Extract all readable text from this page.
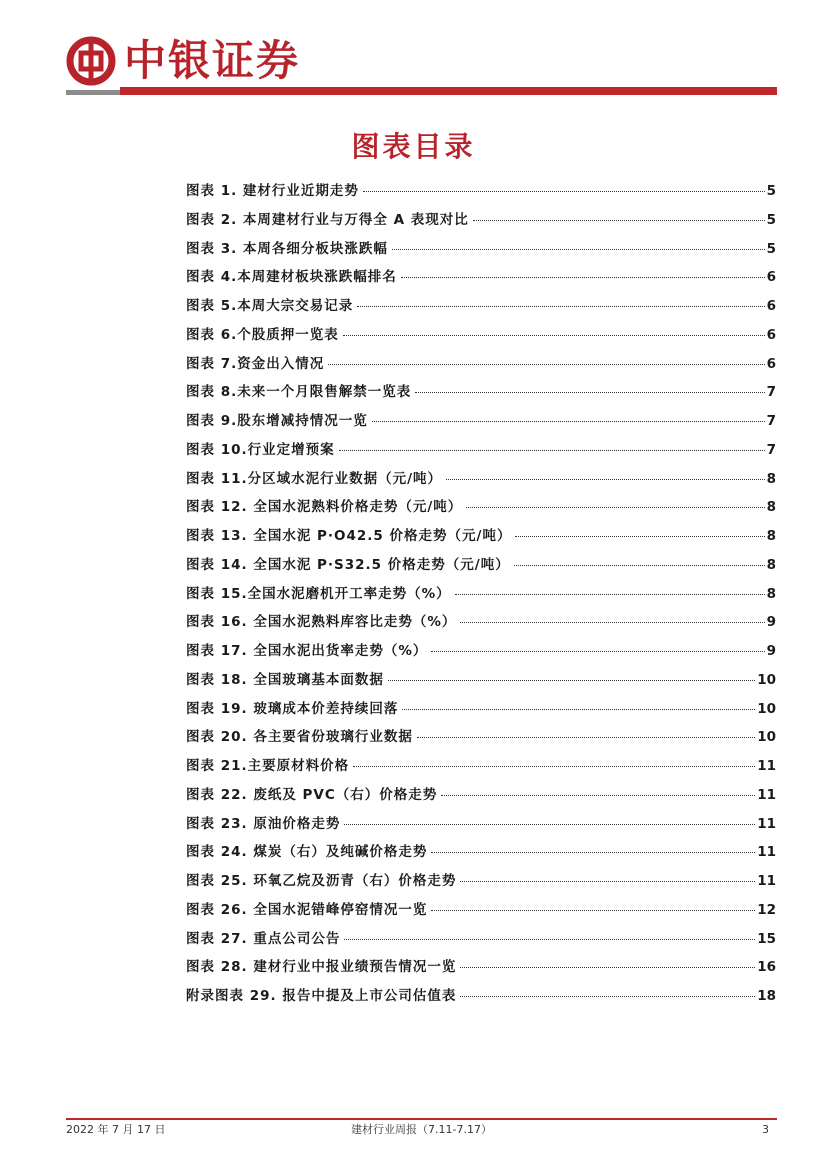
中银证券
图表目录
图表 1. 建材行业近期走势	5
图表 2. 本周建材行业与万得全 A 表现对比	5
图表 3. 本周各细分板块涨跌幅	5
图表 4.本周建材板块涨跌幅排名	6
图表 5.本周大宗交易记录	6
图表 6.个股质押一览表	6
图表 7.资金出入情况	6
图表 8.未来一个月限售解禁一览表	7
图表 9.股东增减持情况一览	7
图表 10.行业定增预案	7
图表 11.分区域水泥行业数据（元/吨）	8
图表 12. 全国水泥熟料价格走势（元/吨）	8
图表 13. 全国水泥 P·O42.5 价格走势（元/吨）	8
图表 14. 全国水泥 P·S32.5 价格走势（元/吨）	8
图表 15.全国水泥磨机开工率走势（%）	8
图表 16. 全国水泥熟料库容比走势（%）	9
图表 17. 全国水泥出货率走势（%）	9
图表 18. 全国玻璃基本面数据	10
图表 19. 玻璃成本价差持续回落	10
图表 20. 各主要省份玻璃行业数据	10
图表 21.主要原材料价格	11
图表 22. 废纸及 PVC（右）价格走势	11
图表 23. 原油价格走势	11
图表 24. 煤炭（右）及纯碱价格走势	11
图表 25. 环氧乙烷及沥青（右）价格走势	11
图表 26. 全国水泥错峰停窑情况一览	12
图表 27. 重点公司公告	15
图表 28. 建材行业中报业绩预告情况一览	16
附录图表 29. 报告中提及上市公司估值表	18
2022 年 7 月 17 日	建材行业周报（7.11-7.17）	3
